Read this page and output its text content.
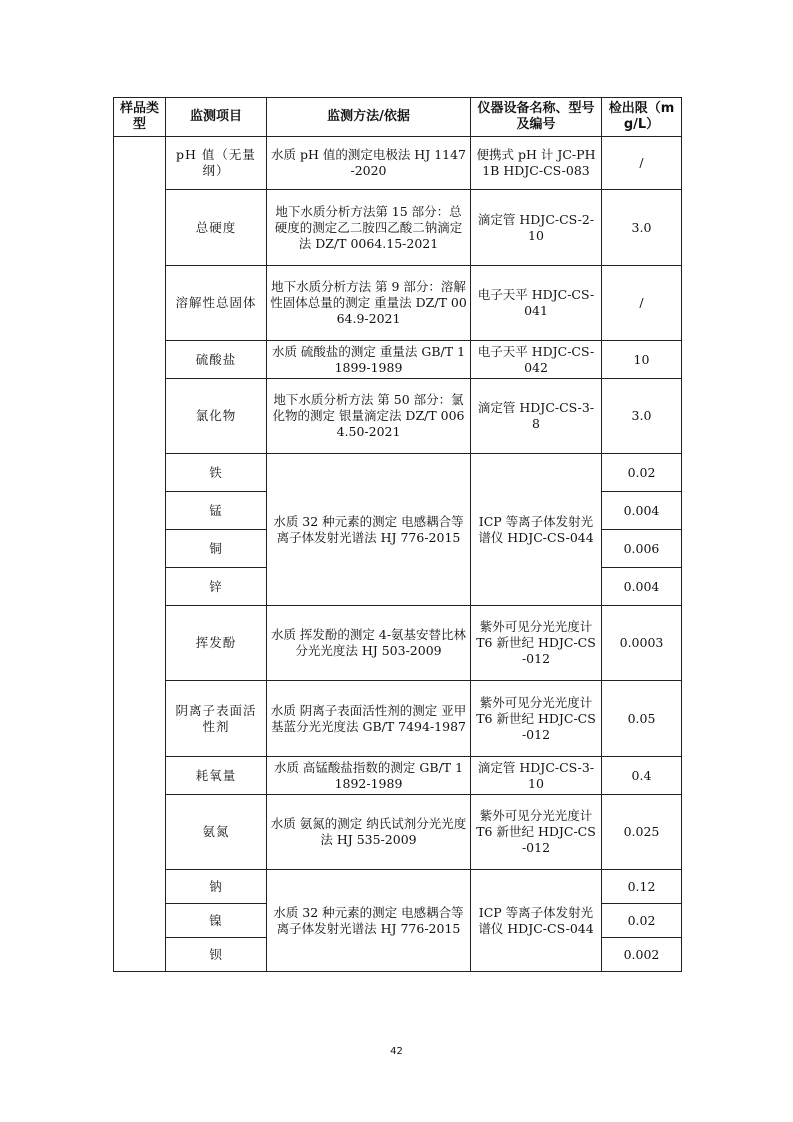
样品类型	监测项目	监测方法/依据	仪器设备名称、型号及编号	检出限（mg/L）
	pH 值（无量纲）	水质 pH 值的测定电极法 HJ 1147-2020	便携式 pH 计 JC-PH1B HDJC-CS-083	/
	总硬度	地下水质分析方法第 15 部分：总硬度的测定乙二胺四乙酸二钠滴定法 DZ/T 0064.15-2021	滴定管 HDJC-CS-2-10	3.0
	溶解性总固体	地下水质分析方法 第 9 部分：溶解性固体总量的测定 重量法 DZ/T 0064.9-2021	电子天平 HDJC-CS-041	/
	硫酸盐	水质 硫酸盐的测定 重量法 GB/T 11899-1989	电子天平 HDJC-CS-042	10
	氯化物	地下水质分析方法 第 50 部分：氯化物的测定 银量滴定法 DZ/T 0064.50-2021	滴定管 HDJC-CS-3-8	3.0
	铁	水质 32 种元素的测定 电感耦合等离子体发射光谱法 HJ 776-2015	ICP 等离子体发射光谱仪 HDJC-CS-044	0.02
	锰			0.004
	铜			0.006
	锌			0.004
	挥发酚	水质 挥发酚的测定 4-氨基安替比林分光光度法 HJ 503-2009	紫外可见分光光度计 T6 新世纪 HDJC-CS-012	0.0003
	阴离子表面活性剂	水质 阴离子表面活性剂的测定 亚甲基蓝分光光度法 GB/T 7494-1987	紫外可见分光光度计 T6 新世纪 HDJC-CS-012	0.05
	耗氧量	水质 高锰酸盐指数的测定 GB/T 11892-1989	滴定管 HDJC-CS-3-10	0.4
	氨氮	水质 氨氮的测定 纳氏试剂分光光度法 HJ 535-2009	紫外可见分光光度计 T6 新世纪 HDJC-CS-012	0.025
	钠	水质 32 种元素的测定 电感耦合等离子体发射光谱法 HJ 776-2015	ICP 等离子体发射光谱仪 HDJC-CS-044	0.12
	镍			0.02
	钡			0.002
42
